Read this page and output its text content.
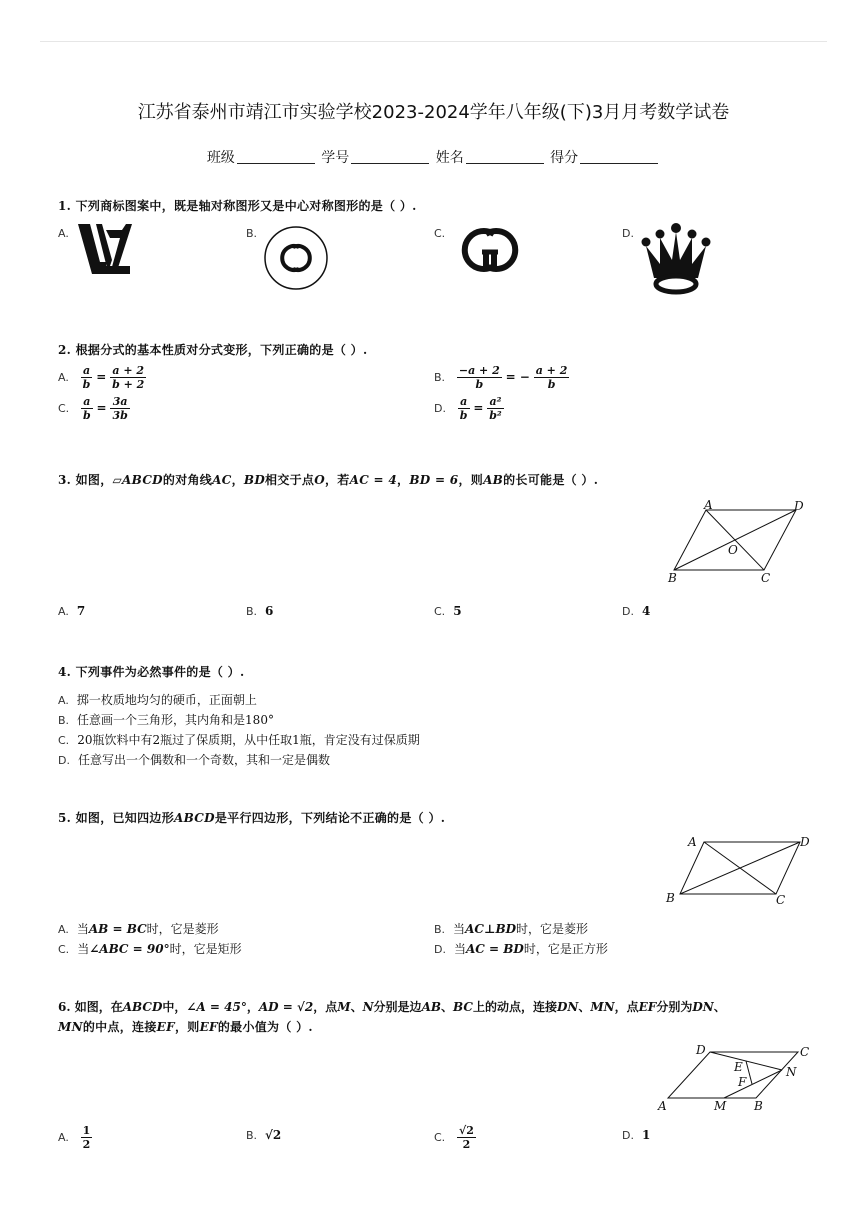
江苏省泰州市靖江市实验学校2023-2024学年八年级(下)3月月考数学试卷
班级	学号	姓名	得分
1. 下列商标图案中，既是轴对称图形又是中心对称图形的是（ ）.
A.	B.	C.	D.
2. 根据分式的基本性质对分式变形，下列正确的是（ ）.
A. $\frac{a}{b} = \frac{a + 2}{b + 2}$	B. $\frac{-a + 2}{b}$ = − $\frac{a + 2}{b}$
C. $\frac{a}{b} = \frac{3a}{3b}$	D. $\frac{a}{b} = \frac{\text{a²}}{\text{b²}}$
3. 如图，▱ABCD的对角线AC，BD相交于点O，若AC = 4，BD = 6，则AB的长可能是（ ）.
A	D
B	C
O
A. 7	B. 6	C. 5	D. 4
4. 下列事件为必然事件的是（ ）.
A. 掷一枚质地均匀的硬币，正面朝上
B. 任意画一个三角形，其内角和是180°
C. 20瓶饮料中有2瓶过了保质期，从中任取1瓶，肯定没有过保质期
D. 任意写出一个偶数和一个奇数，其和一定是偶数
5. 如图，已知四边形ABCD是平行四边形，下列结论不正确的是（ ）.
A	D
B	C
A. 当AB = BC时，它是菱形	B. 当AC⊥BD时，它是菱形
C. 当∠ABC = 90°时，它是矩形	D. 当AC = BD时，它是正方形
6. 如图，在ABCD中，∠A = 45°，AD = √2，点M、N分别是边AB、BC上的动点，连接DN、MN，点EF分别为DN、
MN的中点，连接EF，则EF的最小值为（ ）.
D	C
E	N
F
A	M B
A. $\frac{1}{2}$	B. √2	C. $\frac{√2}{2}$	D. 1
